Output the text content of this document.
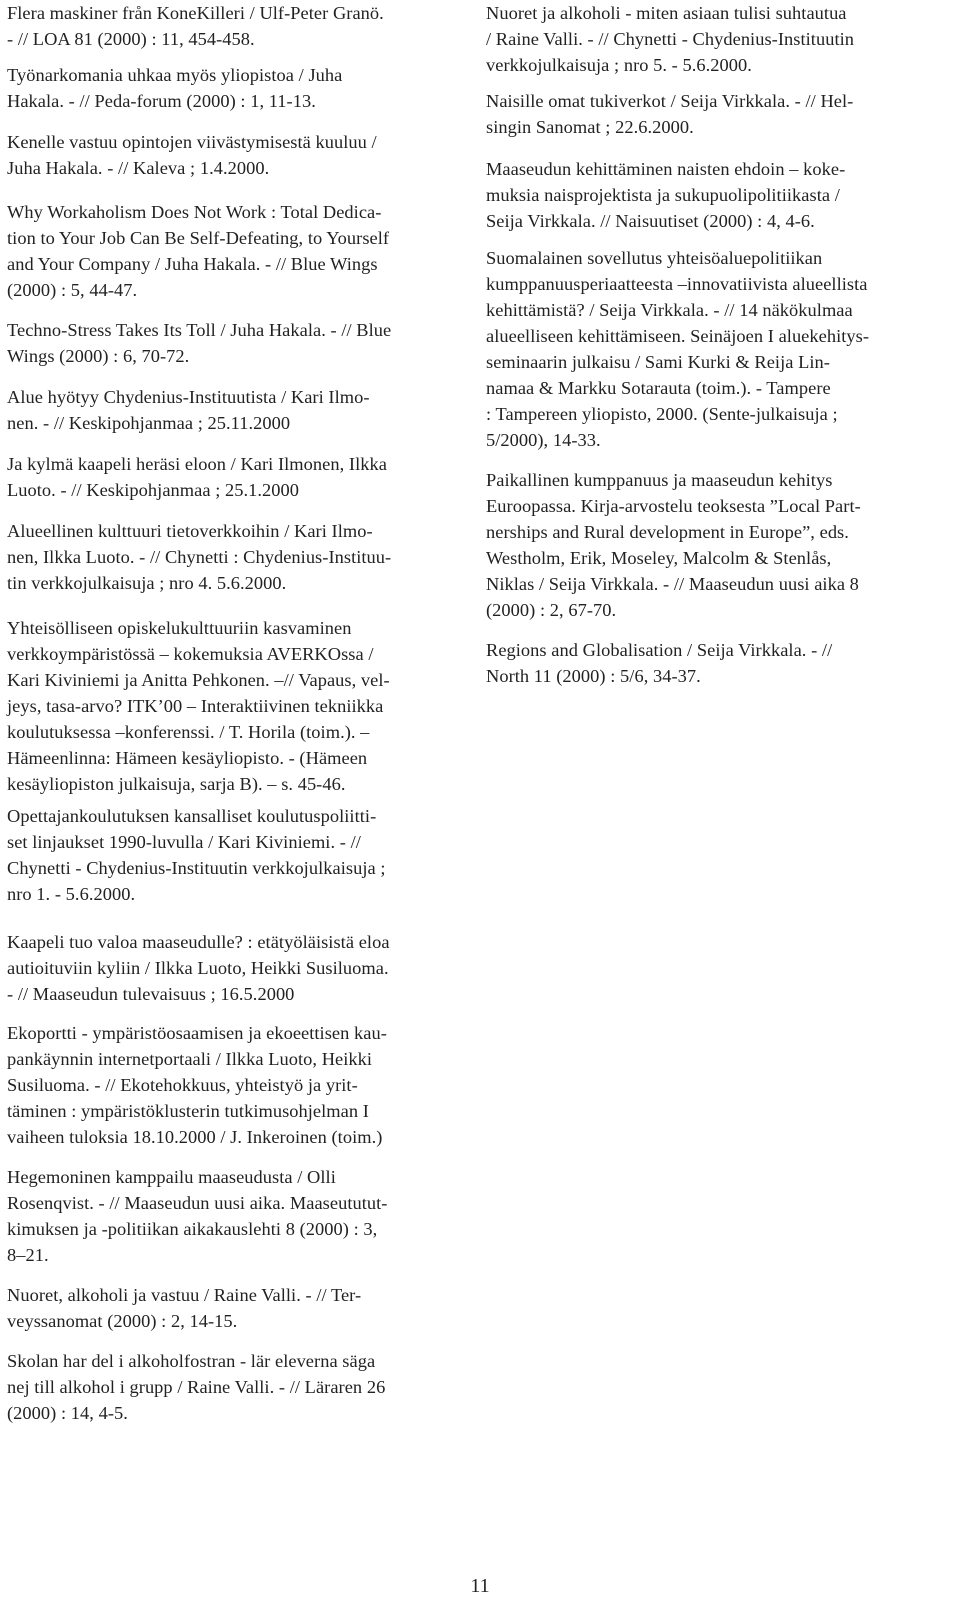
Flera maskiner från KoneKilleri / Ulf-Peter Granö.
- // LOA 81 (2000) : 11, 454-458.

Työnarkomania uhkaa myös yliopistoa / Juha
Hakala. - // Peda-forum (2000) : 1, 11-13.

Kenelle vastuu opintojen viivästymisestä kuuluu /
Juha Hakala. - // Kaleva ; 1.4.2000.

Why Workaholism Does Not Work : Total Dedica-
tion to Your Job Can Be Self-Defeating, to Yourself
and Your Company / Juha Hakala. - // Blue Wings
(2000) : 5, 44-47.

Techno-Stress Takes Its Toll / Juha Hakala. - // Blue
Wings (2000) : 6, 70-72.

Alue hyötyy Chydenius-Instituutista / Kari Ilmo-
nen. - // Keskipohjanmaa ; 25.11.2000

Ja kylmä kaapeli heräsi eloon / Kari Ilmonen, Ilkka
Luoto. - // Keskipohjanmaa ; 25.1.2000

Alueellinen kulttuuri tietoverkkoihin / Kari Ilmo-
nen, Ilkka Luoto. - // Chynetti : Chydenius-Instituu-
tin verkkojulkaisuja ; nro 4. 5.6.2000.

Yhteisölliseen opiskelukulttuuriin kasvaminen
verkkoympäristössä – kokemuksia AVERKOssa /
Kari Kiviniemi ja Anitta Pehkonen. –// Vapaus, vel-
jeys, tasa-arvo? ITK’00 – Interaktiivinen tekniikka
koulutuksessa –konferenssi. / T. Horila (toim.). –
Hämeenlinna: Hämeen kesäyliopisto. - (Hämeen
kesäyliopiston julkaisuja, sarja B). – s. 45-46.

Opettajankoulutuksen kansalliset koulutuspoliitti-
set linjaukset 1990-luvulla / Kari Kiviniemi. - //
Chynetti - Chydenius-Instituutin verkkojulkaisuja ;
nro 1. - 5.6.2000.

Kaapeli tuo valoa maaseudulle? : etätyöläisistä eloa
autioituviin kyliin / Ilkka Luoto, Heikki Susiluoma.
- // Maaseudun tulevaisuus ; 16.5.2000

Ekoportti - ympäristöosaamisen ja ekoeettisen kau-
pankäynnin internetportaali / Ilkka Luoto, Heikki
Susiluoma. - // Ekotehokkuus, yhteistyö ja yrit-
täminen : ympäristöklusterin tutkimusohjelman I
vaiheen tuloksia 18.10.2000 / J. Inkeroinen (toim.)

Hegemoninen kamppailu maaseudusta / Olli
Rosenqvist. - // Maaseudun uusi aika. Maaseututut-
kimuksen ja -politiikan aikakauslehti 8 (2000) : 3,
8–21.

Nuoret, alkoholi ja vastuu / Raine Valli. - // Ter-
veyssanomat (2000) : 2, 14-15.

Skolan har del i alkoholfostran - lär eleverna säga
nej till alkohol i grupp / Raine Valli. - // Läraren 26
(2000) : 14, 4-5.

Nuoret ja alkoholi - miten asiaan tulisi suhtautua
/ Raine Valli. - // Chynetti - Chydenius-Instituutin
verkkojulkaisuja ; nro 5. - 5.6.2000.

Naisille omat tukiverkot / Seija Virkkala. - // Hel-
singin Sanomat ; 22.6.2000.

Maaseudun kehittäminen naisten ehdoin – koke-
muksia naisprojektista ja sukupuolipolitiikasta /
Seija Virkkala. // Naisuutiset (2000) : 4, 4-6.

Suomalainen sovellutus yhteisöaluepolitiikan
kumppanuusperiaatteesta –innovatiivista alueellista
kehittämistä? / Seija Virkkala. - // 14 näkökulmaa
alueelliseen kehittämiseen. Seinäjoen I aluekehitys-
seminaarin julkaisu / Sami Kurki & Reija Lin-
namaa & Markku Sotarauta (toim.). - Tampere
: Tampereen yliopisto, 2000. (Sente-julkaisuja ;
5/2000), 14-33.

Paikallinen kumppanuus ja maaseudun kehitys
Euroopassa. Kirja-arvostelu teoksesta ”Local Part-
nerships and Rural development in Europe”, eds.
Westholm, Erik, Moseley, Malcolm & Stenlås,
Niklas / Seija Virkkala. - // Maaseudun uusi aika 8
(2000) : 2, 67-70.

Regions and Globalisation / Seija Virkkala. - //
North 11 (2000) : 5/6, 34-37.

11
